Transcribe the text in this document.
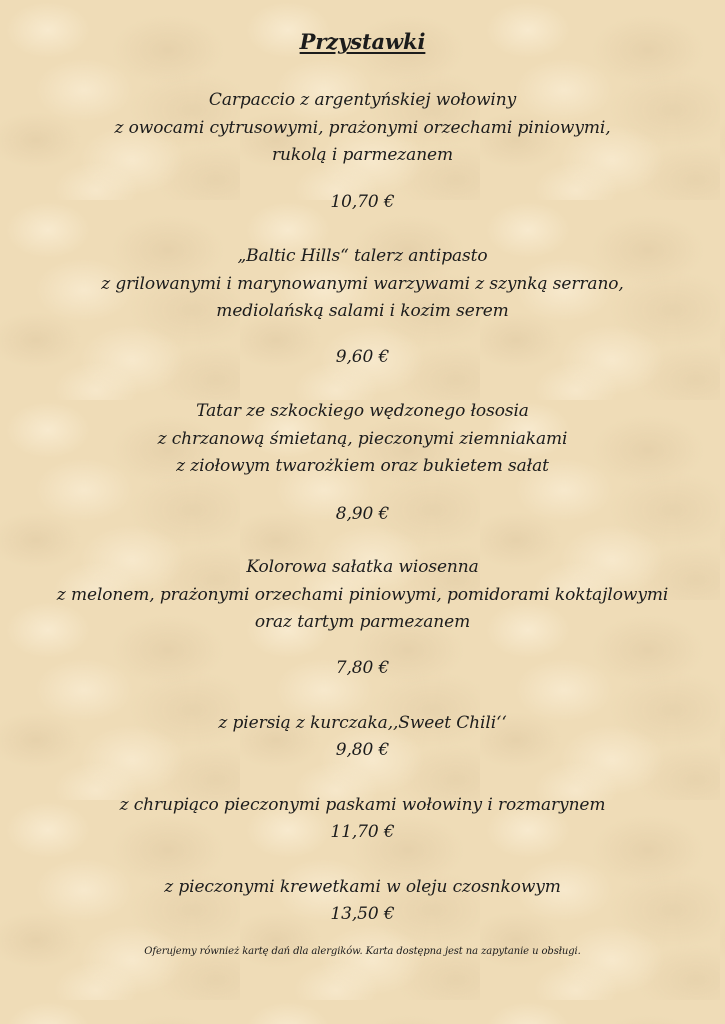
Przystawki
Carpaccio z argentyńskiej wołowiny
z owocami cytrusowymi, prażonymi orzechami piniowymi,
rukolą i parmezanem
10,70 €
„Baltic Hills“ talerz antipasto
z grilowanymi i marynowanymi warzywami z szynką serrano,
mediolańską salami i kozim serem
9,60 €
Tatar ze szkockiego wędzonego łososia
z chrzanową śmietaną, pieczonymi ziemniakami
z ziołowym twarożkiem oraz bukietem sałat
8,90 €
Kolorowa sałatka wiosenna
z melonem, prażonymi orzechami piniowymi, pomidorami koktajlowymi
oraz tartym parmezanem
7,80 €
z piersią z kurczaka,,Sweet Chili‘‘
9,80 €
z chrupiąco pieczonymi paskami wołowiny i rozmarynem
11,70 €
z pieczonymi krewetkami w oleju czosnkowym
13,50 €
Oferujemy również kartę dań dla alergików. Karta dostępna jest na zapytanie u obsługi.
